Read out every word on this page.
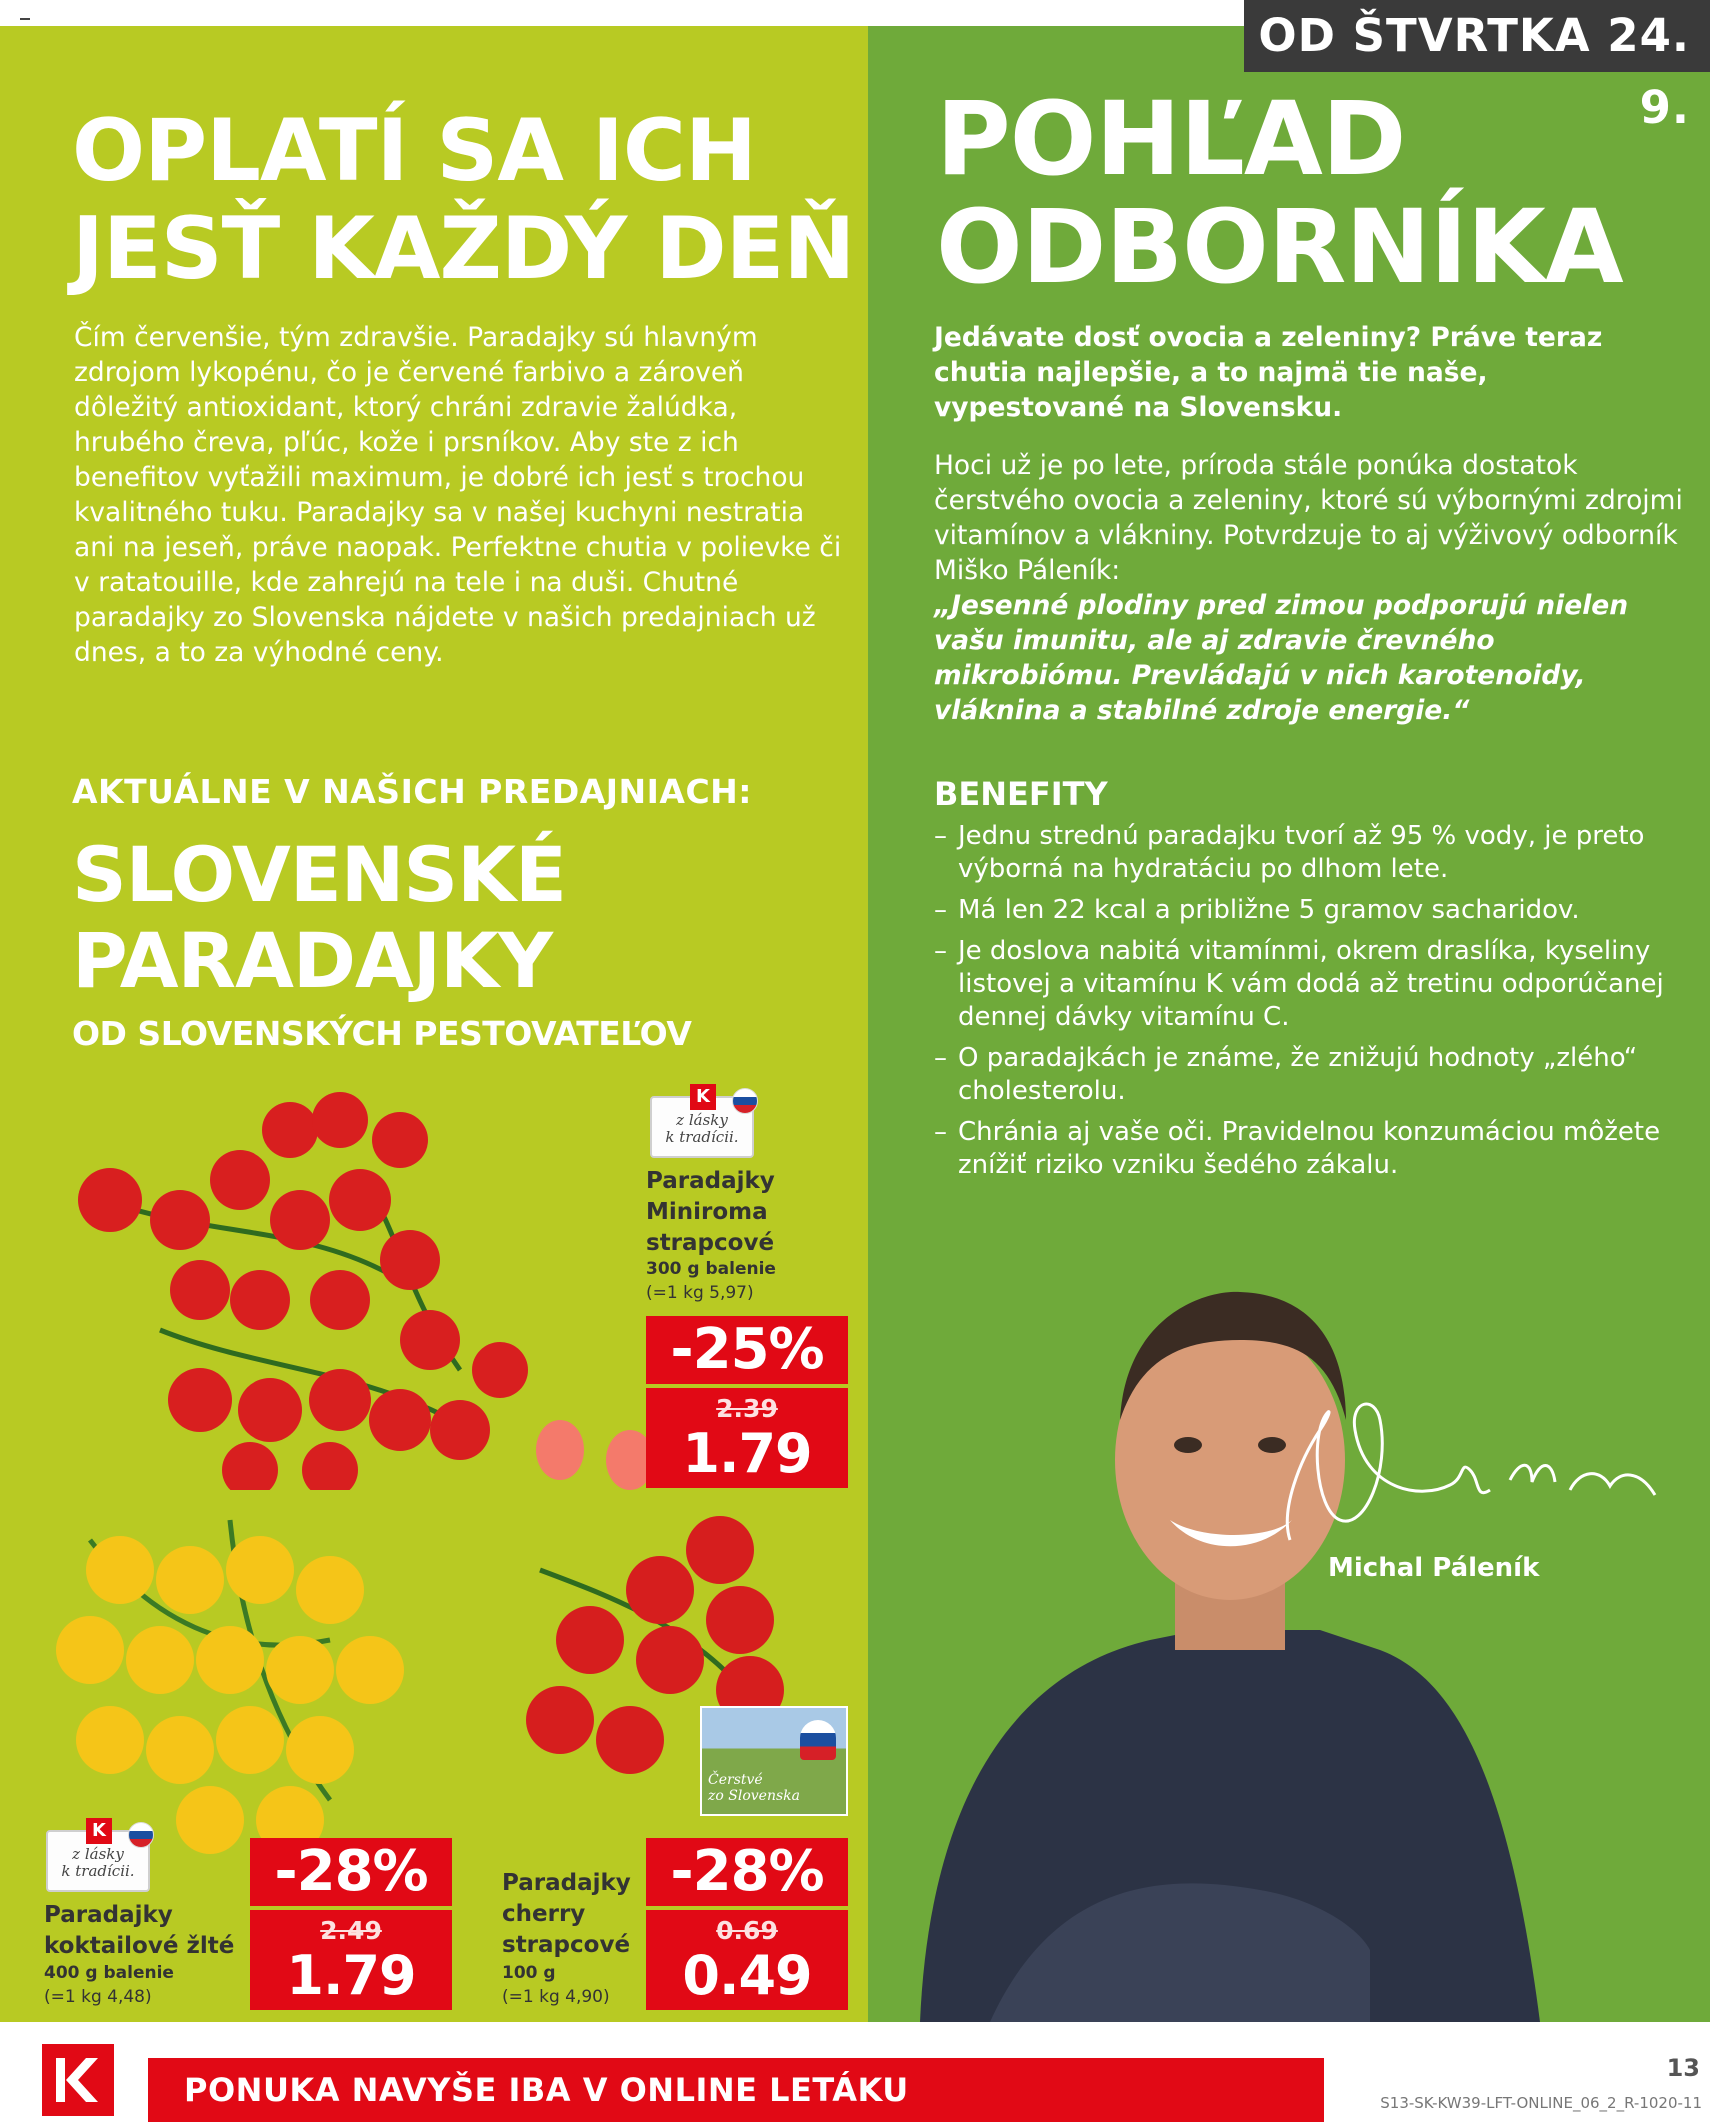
OD ŠTVRTKA 24. 9.
OPLATÍ SA ICH
JESŤ KAŽDÝ DEŇ

Čím červenšie, tým zdravšie. Paradajky sú hlavným zdrojom lykopénu, čo je červené farbivo a zároveň dôležitý antioxidant, ktorý chráni zdravie žalúdka, hrubého čreva, pľúc, kože i prsníkov. Aby ste z ich benefitov vyťažili maximum, je dobré ich jesť s trochou kvalitného tuku. Paradajky sa v našej kuchyni nestratia ani na jeseň, práve naopak. Perfektne chutia v polievke či v ratatouille, kde zahrejú na tele i na duši. Chutné paradajky zo Slovenska nájdete v našich predajniach už dnes, a to za výhodné ceny.

AKTUÁLNE V NAŠICH PREDAJNIACH:

SLOVENSKÉ
PARADAJKY

OD SLOVENSKÝCH PESTOVATEĽOV

K
z lásky
k tradícii.
Paradajky
Miniroma
strapcové
300 g balenie
(=1 kg 5,97)
-25%
2.39
1.79
K
z lásky
k tradícii.
Paradajky
koktailové žlté
400 g balenie
(=1 kg 4,48)
-28%
2.49
1.79
Čerstvé
zo Slovenska
Paradajky
cherry
strapcové
100 g
(=1 kg 4,90)
-28%
0.69
0.49
POHĽAD
ODBORNÍKA

Jedávate dosť ovocia a zeleniny? Práve teraz chutia najlepšie, a to najmä tie naše, vypestované na Slovensku.

Hoci už je po lete, príroda stále ponúka dostatok čerstvého ovocia a zeleniny, ktoré sú výbornými zdrojmi vitamínov a vlákniny. Potvrdzuje to aj výživový odborník Miško Páleník:

„Jesenné plodiny pred zimou podporujú nielen vašu imunitu, ale aj zdravie črevného mikrobiómu. Prevládajú v nich karotenoidy, vláknina a stabilné zdroje energie.“

BENEFITY

– Jednu strednú paradajku tvorí až 95 % vody, je preto výborná na hydratáciu po dlhom lete.
– Má len 22 kcal a približne 5 gramov sacharidov.
– Je doslova nabitá vitamínmi, okrem draslíka, kyseliny listovej a vitamínu K vám dodá až tretinu odporúčanej dennej dávky vitamínu C.
– O paradajkách je známe, že znižujú hodnoty „zlého“ cholesterolu.
– Chránia aj vaše oči. Pravidelnou konzumáciou môžete znížiť riziko vzniku šedého zákalu.

Michal Páleník

PONUKA NAVYŠE IBA V ONLINE LETÁKU

13

S13-SK-KW39-LFT-ONLINE_06_2_R-1020-11
